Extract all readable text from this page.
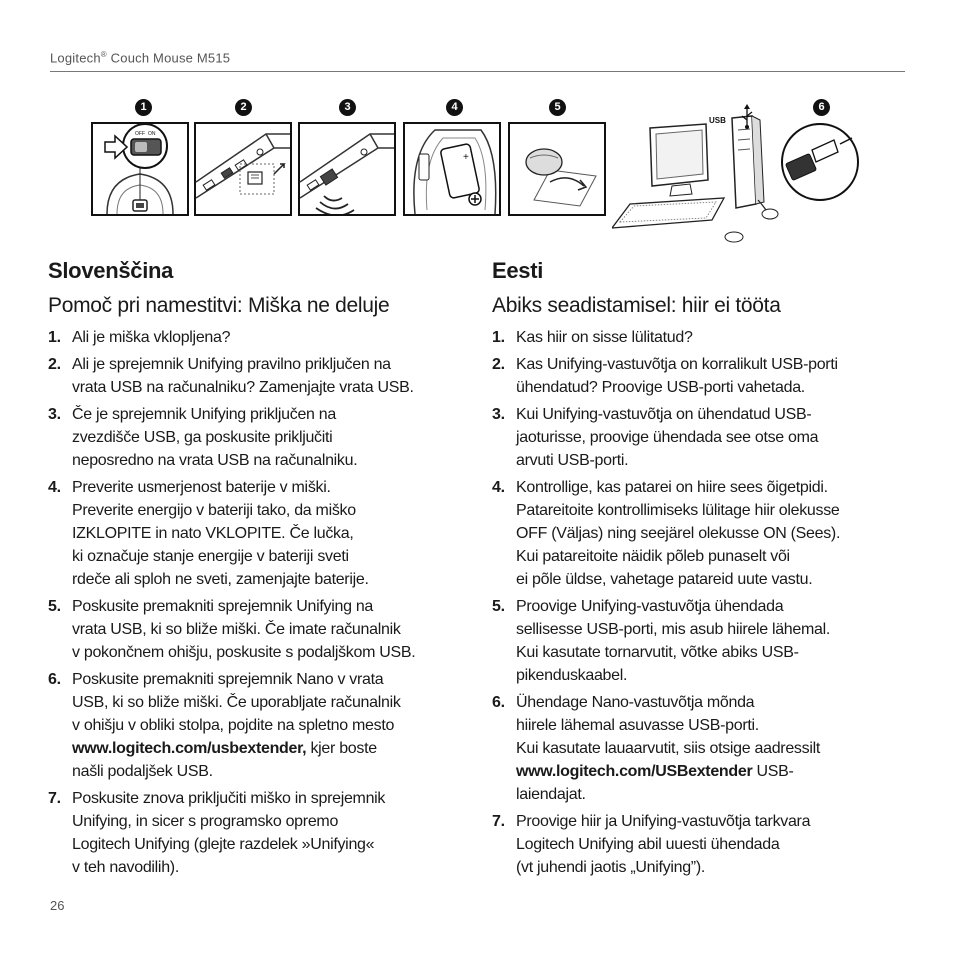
Logitech® Couch Mouse M515
1	2	3	4	5	6
OFF ON
+
USB
Slovenščina
Pomoč pri namestitvi: Miška ne deluje
1. Ali je miška vklopljena?
2. Ali je sprejemnik Unifying pravilno priključen na
vrata USB na računalniku? Zamenjajte vrata USB.
3. Če je sprejemnik Unifying priključen na
zvezdišče USB, ga poskusite priključiti
neposredno na vrata USB na računalniku.
4. Preverite usmerjenost baterije v miški.
Preverite energijo v bateriji tako, da miško
IZKLOPITE in nato VKLOPITE. Če lučka,
ki označuje stanje energije v bateriji sveti
rdeče ali sploh ne sveti, zamenjajte baterije.
5. Poskusite premakniti sprejemnik Unifying na
vrata USB, ki so bliže miški. Če imate računalnik
v pokončnem ohišju, poskusite s podaljškom USB.
6. Poskusite premakniti sprejemnik Nano v vrata
USB, ki so bliže miški. Če uporabljate računalnik
v ohišju v obliki stolpa, pojdite na spletno mesto
www.logitech.com/usbextender, kjer boste
našli podaljšek USB.
7. Poskusite znova priključiti miško in sprejemnik
Unifying, in sicer s programsko opremo
Logitech Unifying (glejte razdelek »Unifying«
v teh navodilih).
Eesti
Abiks seadistamisel: hiir ei tööta
1. Kas hiir on sisse lülitatud?
2. Kas Unifying-vastuvõtja on korralikult USB-porti
ühendatud? Proovige USB-porti vahetada.
3. Kui Unifying-vastuvõtja on ühendatud USB-
jaoturisse, proovige ühendada see otse oma
arvuti USB-porti.
4. Kontrollige, kas patarei on hiire sees õigetpidi.
Patareitoite kontrollimiseks lülitage hiir olekusse
OFF (Väljas) ning seejärel olekusse ON (Sees).
Kui patareitoite näidik põleb punaselt või
ei põle üldse, vahetage patareid uute vastu.
5. Proovige Unifying-vastuvõtja ühendada
sellisesse USB-porti, mis asub hiirele lähemal.
Kui kasutate tornarvutit, võtke abiks USB-
pikenduskaabel.
6. Ühendage Nano-vastuvõtja mõnda
hiirele lähemal asuvasse USB-porti.
Kui kasutate lauaarvutit, siis otsige aadressilt
www.logitech.com/USBextender USB-
laiendajat.
7. Proovige hiir ja Unifying-vastuvõtja tarkvara
Logitech Unifying abil uuesti ühendada
(vt juhendi jaotis „Unifying”).
26
